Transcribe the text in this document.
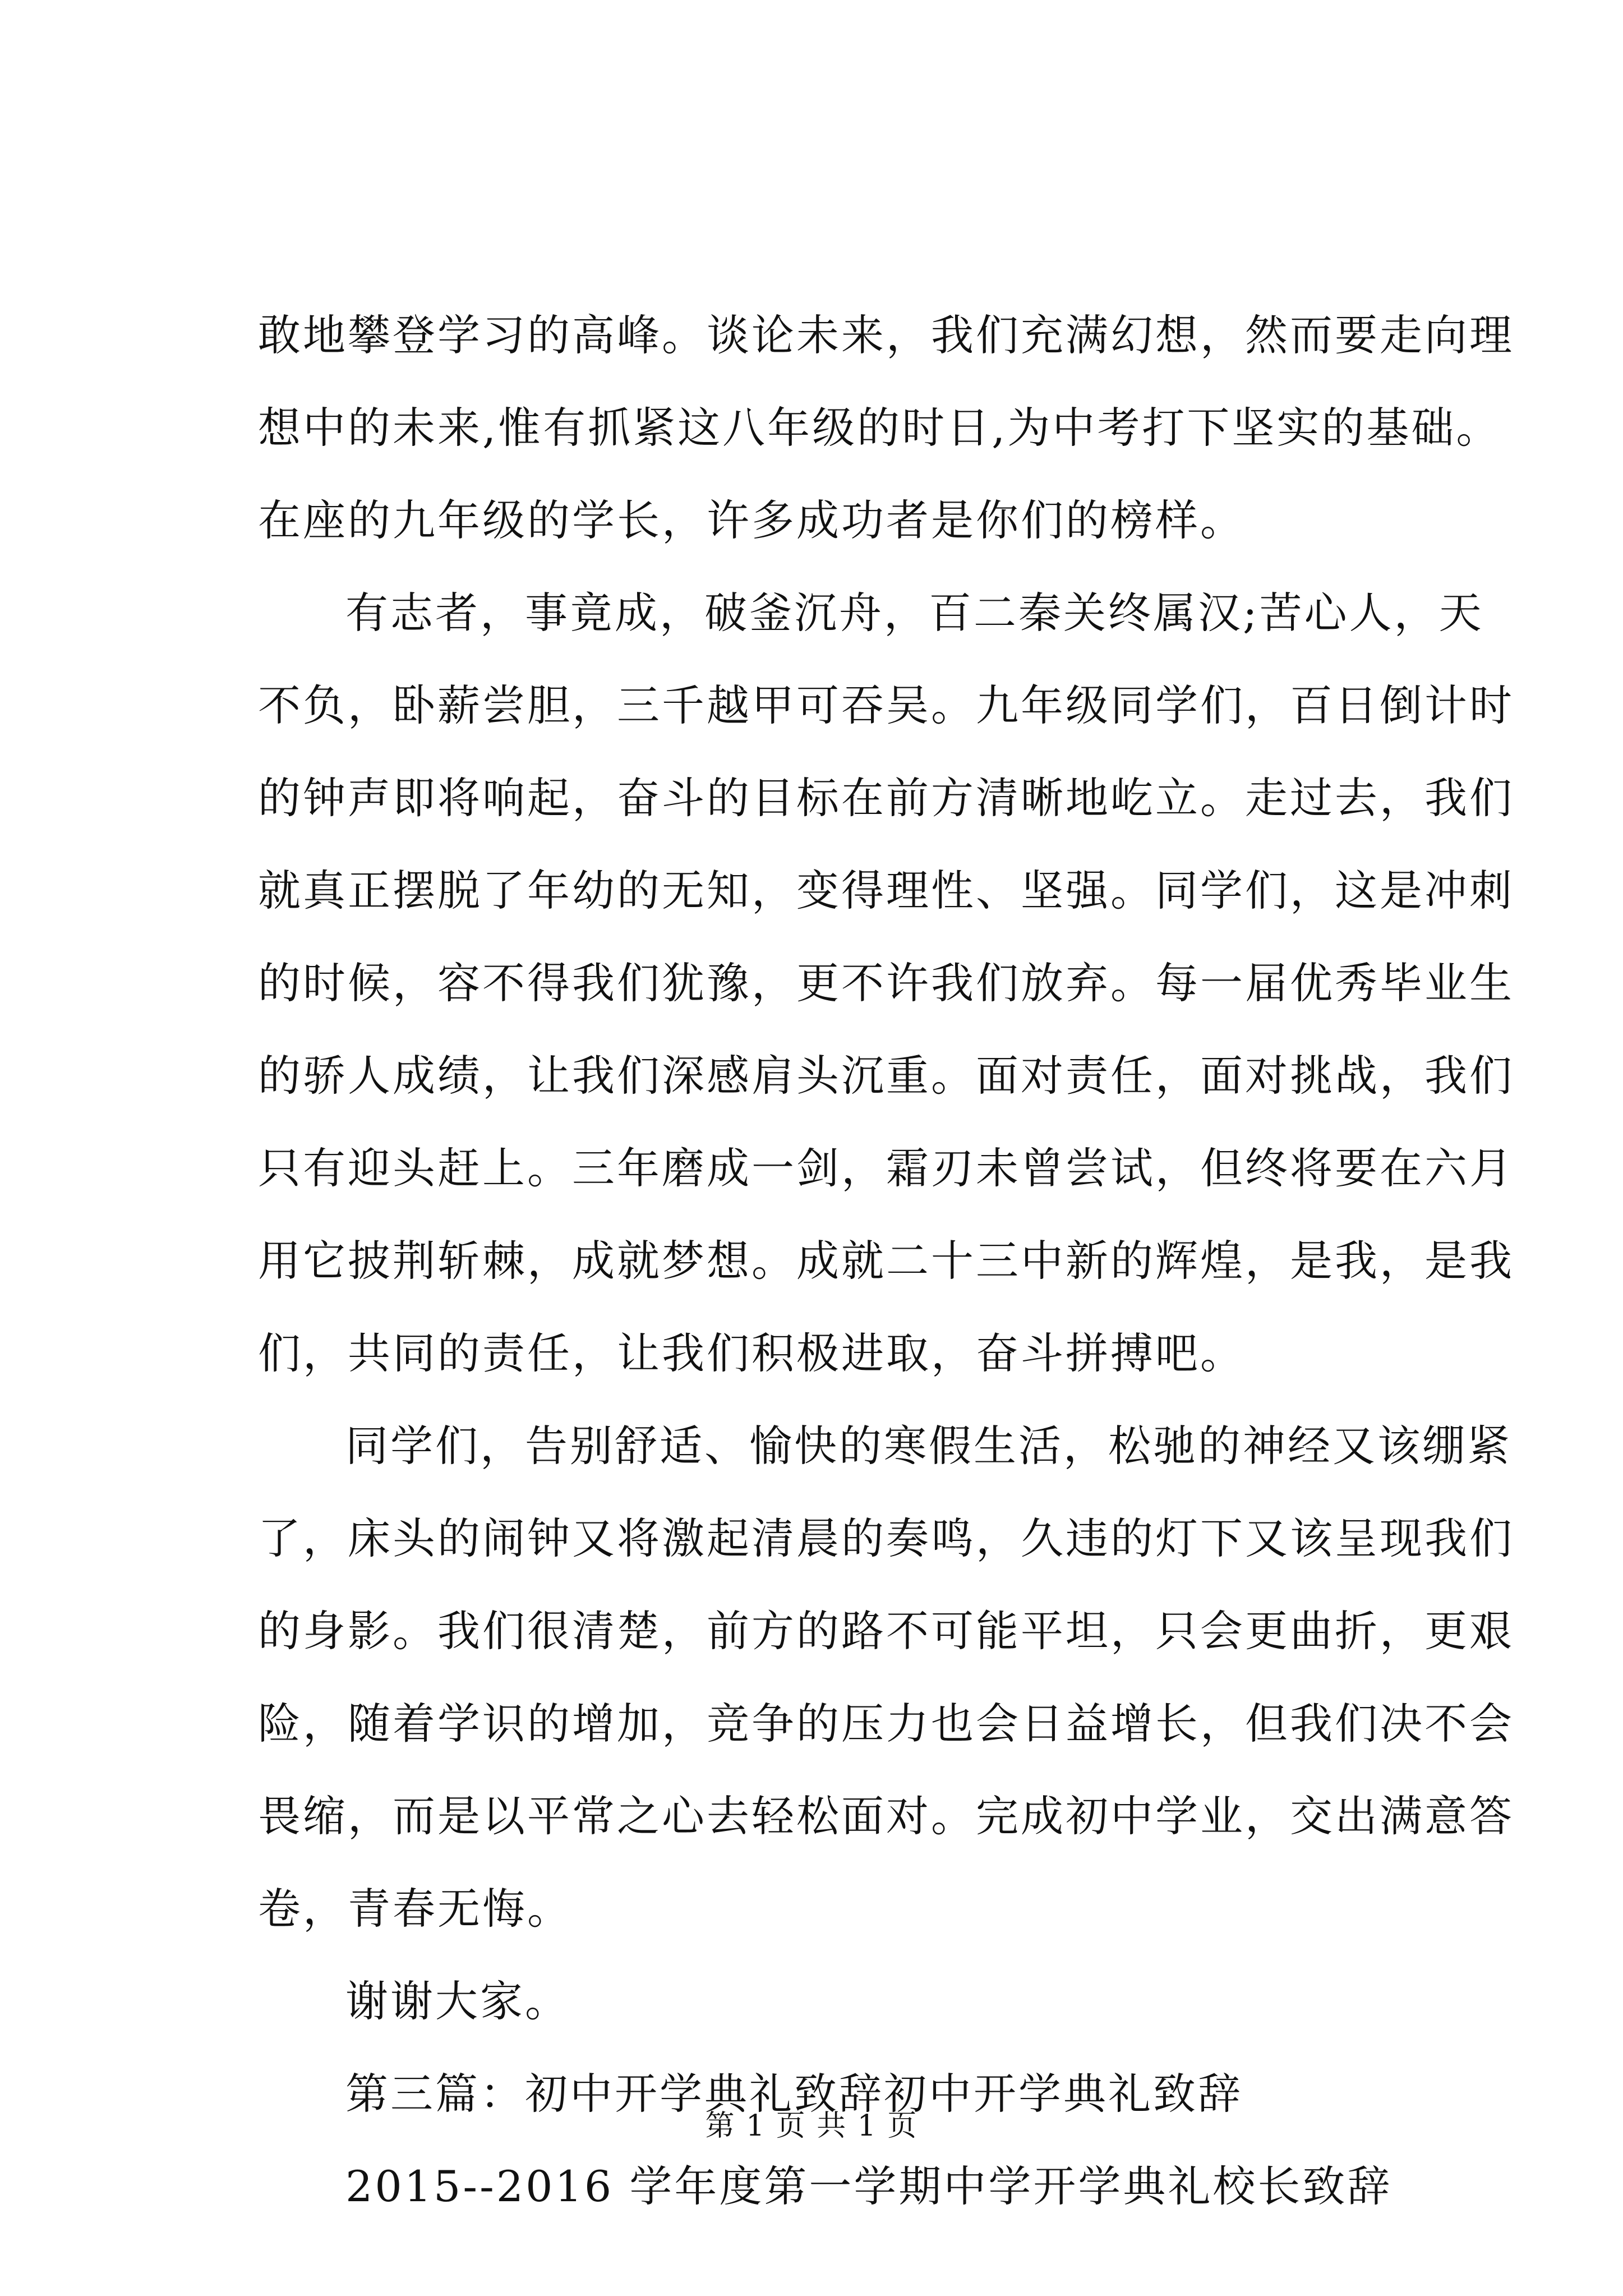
敢地攀登学习的高峰。谈论未来，我们充满幻想，然而要走向理
想中的未来,惟有抓紧这八年级的时日,为中考打下坚实的基础。
在座的九年级的学长，许多成功者是你们的榜样。
有志者，事竟成，破釜沉舟，百二秦关终属汉;苦心人，天
不负，卧薪尝胆，三千越甲可吞吴。九年级同学们，百日倒计时
的钟声即将响起，奋斗的目标在前方清晰地屹立。走过去，我们
就真正摆脱了年幼的无知，变得理性、坚强。同学们，这是冲刺
的时候，容不得我们犹豫，更不许我们放弃。每一届优秀毕业生
的骄人成绩，让我们深感肩头沉重。面对责任，面对挑战，我们
只有迎头赶上。三年磨成一剑，霜刃未曾尝试，但终将要在六月
用它披荆斩棘，成就梦想。成就二十三中新的辉煌，是我，是我
们，共同的责任，让我们积极进取，奋斗拼搏吧。
同学们，告别舒适、愉快的寒假生活，松驰的神经又该绷紧
了，床头的闹钟又将激起清晨的奏鸣，久违的灯下又该呈现我们
的身影。我们很清楚，前方的路不可能平坦，只会更曲折，更艰
险，随着学识的增加，竞争的压力也会日益增长，但我们决不会
畏缩，而是以平常之心去轻松面对。完成初中学业，交出满意答
卷，青春无悔。
谢谢大家。
第三篇：初中开学典礼致辞初中开学典礼致辞
2015--2016 学年度第一学期中学开学典礼校长致辞
第 1 页 共 1 页
